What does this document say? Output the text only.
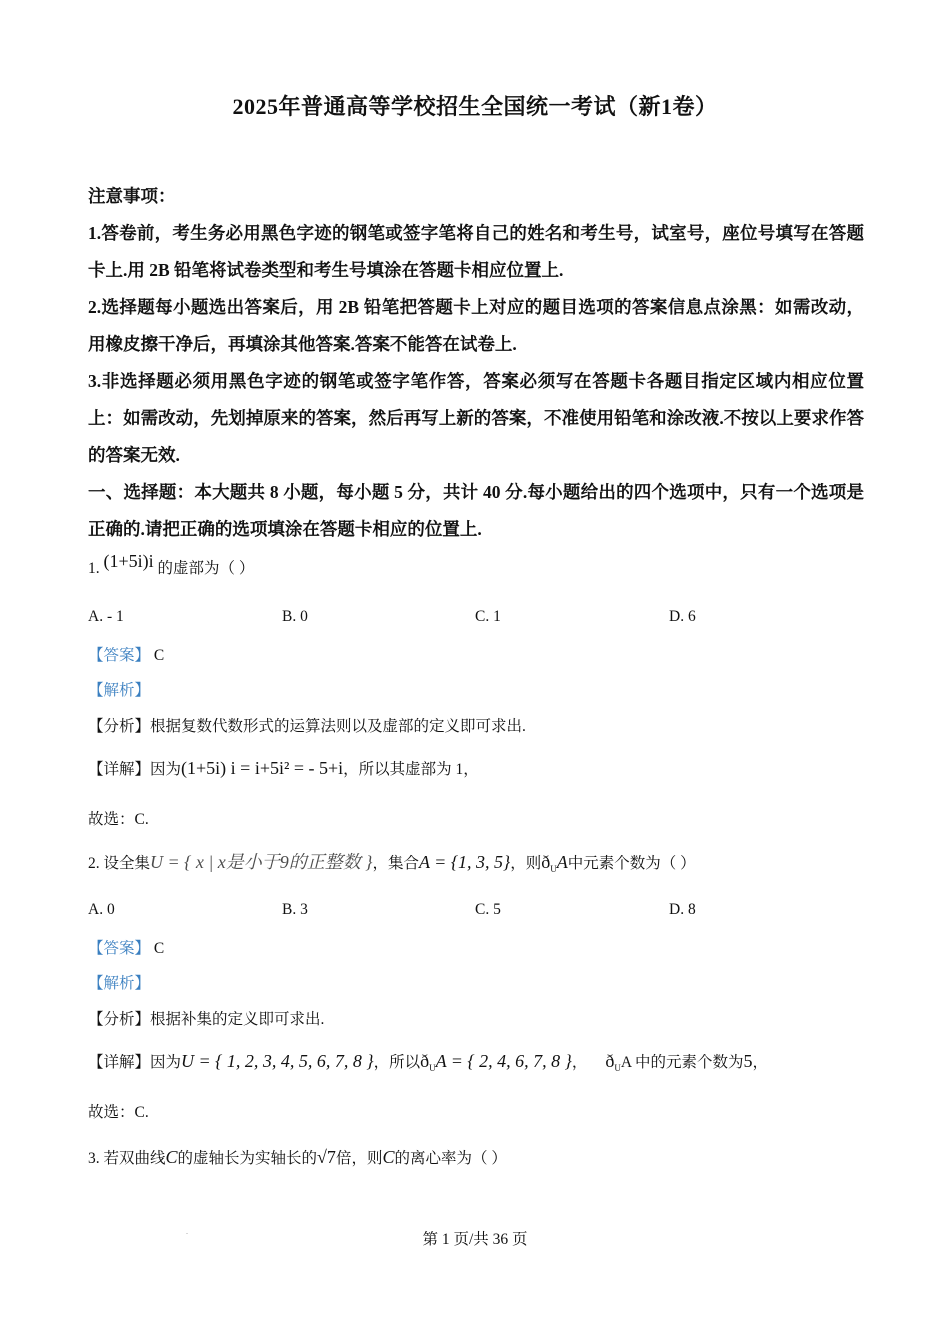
2025年普通高等学校招生全国统一考试（新1卷）

注意事项：

1.答卷前，考生务必用黑色字迹的钢笔或签字笔将自己的姓名和考生号，试室号，座位号填写在答题卡上.用 2B 铅笔将试卷类型和考生号填涂在答题卡相应位置上.

2.选择题每小题选出答案后，用 2B 铅笔把答题卡上对应的题目选项的答案信息点涂黑：如需改动，用橡皮擦干净后，再填涂其他答案.答案不能答在试卷上.

3.非选择题必须用黑色字迹的钢笔或签字笔作答，答案必须写在答题卡各题目指定区域内相应位置上：如需改动，先划掉原来的答案，然后再写上新的答案，不准使用铅笔和涂改液.不按以上要求作答的答案无效.

一、选择题：本大题共 8 小题，每小题 5 分，共计 40 分.每小题给出的四个选项中，只有一个选项是正确的.请把正确的选项填涂在答题卡相应的位置上.

1. (1+5i)i 的虚部为（ ）
A. - 1	B. 0	C. 1	D. 6
【答案】 C
【解析】
【分析】根据复数代数形式的运算法则以及虚部的定义即可求出.
【详解】因为(1+5i) i = i+5i² = - 5+i，所以其虚部为 1，
故选：C.
2. 设全集U = { x | x是小于9的正整数 }，集合A = {1, 3, 5}，则$ð_UA$中元素个数为（ ）
A. 0	B. 3	C. 5	D. 8
【答案】 C
【解析】
【分析】根据补集的定义即可求出.
【详解】因为U = { 1, 2, 3, 4, 5, 6, 7, 8 }，所以$ð_UA$ = { 2, 4, 6, 7, 8 }， $ð_UA$ 中的元素个数为5，
故选：C.
3. 若双曲线C的虚轴长为实轴长的√7倍，则C的离心率为（ ）
.	第 1 页/共 36 页
